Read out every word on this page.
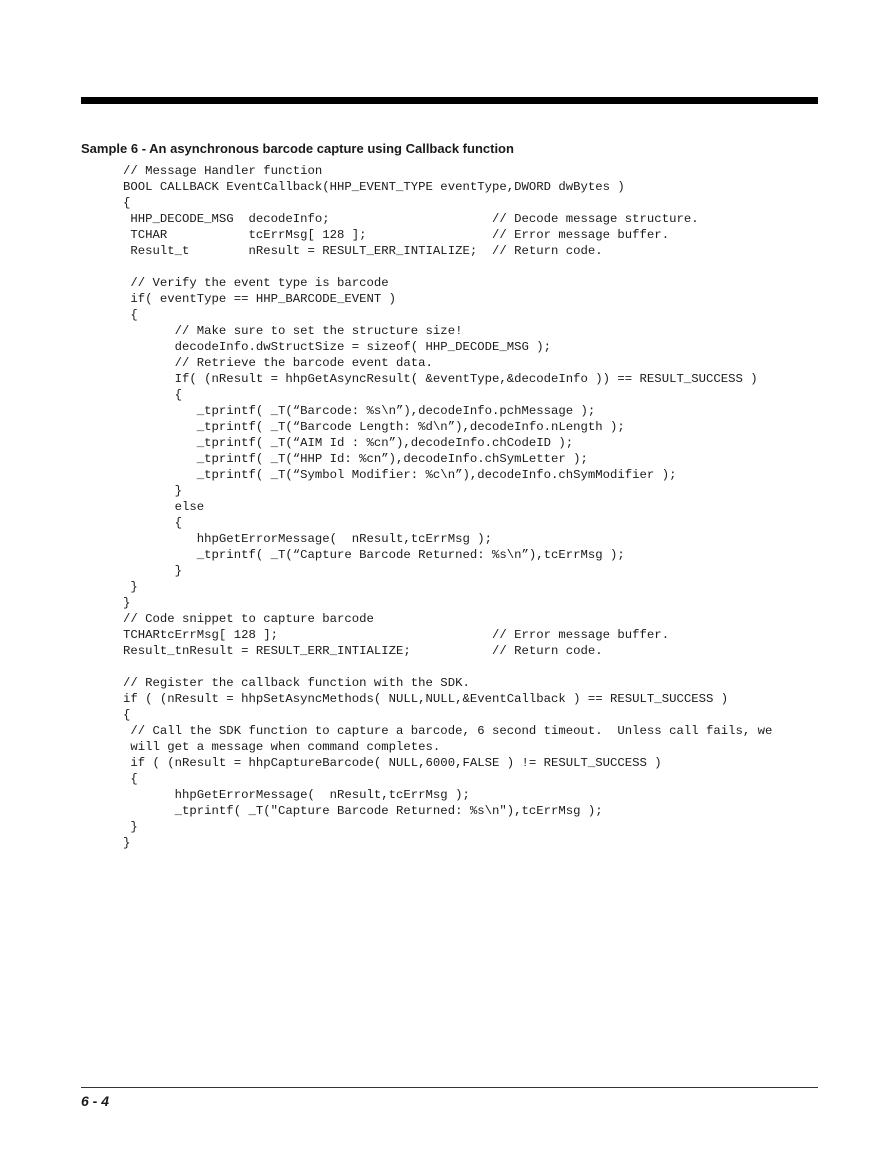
Sample 6 - An asynchronous barcode capture using Callback function
// Message Handler function
BOOL CALLBACK EventCallback(HHP_EVENT_TYPE eventType,DWORD dwBytes )
{
HHP_DECODE_MSG  decodeInfo;                      // Decode message structure.
TCHAR           tcErrMsg[ 128 ];                 // Error message buffer.
Result_t        nResult = RESULT_ERR_INTIALIZE;  // Return code.
// Verify the event type is barcode
if( eventType == HHP_BARCODE_EVENT )
{
// Make sure to set the structure size!
decodeInfo.dwStructSize = sizeof( HHP_DECODE_MSG );
// Retrieve the barcode event data.
If( (nResult = hhpGetAsyncResult( &eventType,&decodeInfo )) == RESULT_SUCCESS )
{
_tprintf( _T(“Barcode: %s\n”),decodeInfo.pchMessage );
_tprintf( _T(“Barcode Length: %d\n”),decodeInfo.nLength );
_tprintf( _T(“AIM Id : %cn”),decodeInfo.chCodeID );
_tprintf( _T(“HHP Id: %cn”),decodeInfo.chSymLetter );
_tprintf( _T(“Symbol Modifier: %c\n”),decodeInfo.chSymModifier );
}
else
{
hhpGetErrorMessage(  nResult,tcErrMsg );
_tprintf( _T(“Capture Barcode Returned: %s\n”),tcErrMsg );
}
}
}
// Code snippet to capture barcode
TCHARtcErrMsg[ 128 ];                             // Error message buffer.
Result_tnResult = RESULT_ERR_INTIALIZE;           // Return code.
// Register the callback function with the SDK.
if ( (nResult = hhpSetAsyncMethods( NULL,NULL,&EventCallback ) == RESULT_SUCCESS )
{
// Call the SDK function to capture a barcode, 6 second timeout.  Unless call fails, we
will get a message when command completes.
if ( (nResult = hhpCaptureBarcode( NULL,6000,FALSE ) != RESULT_SUCCESS )
{
hhpGetErrorMessage(  nResult,tcErrMsg );
_tprintf( _T("Capture Barcode Returned: %s\n"),tcErrMsg );
}
}
6 - 4
